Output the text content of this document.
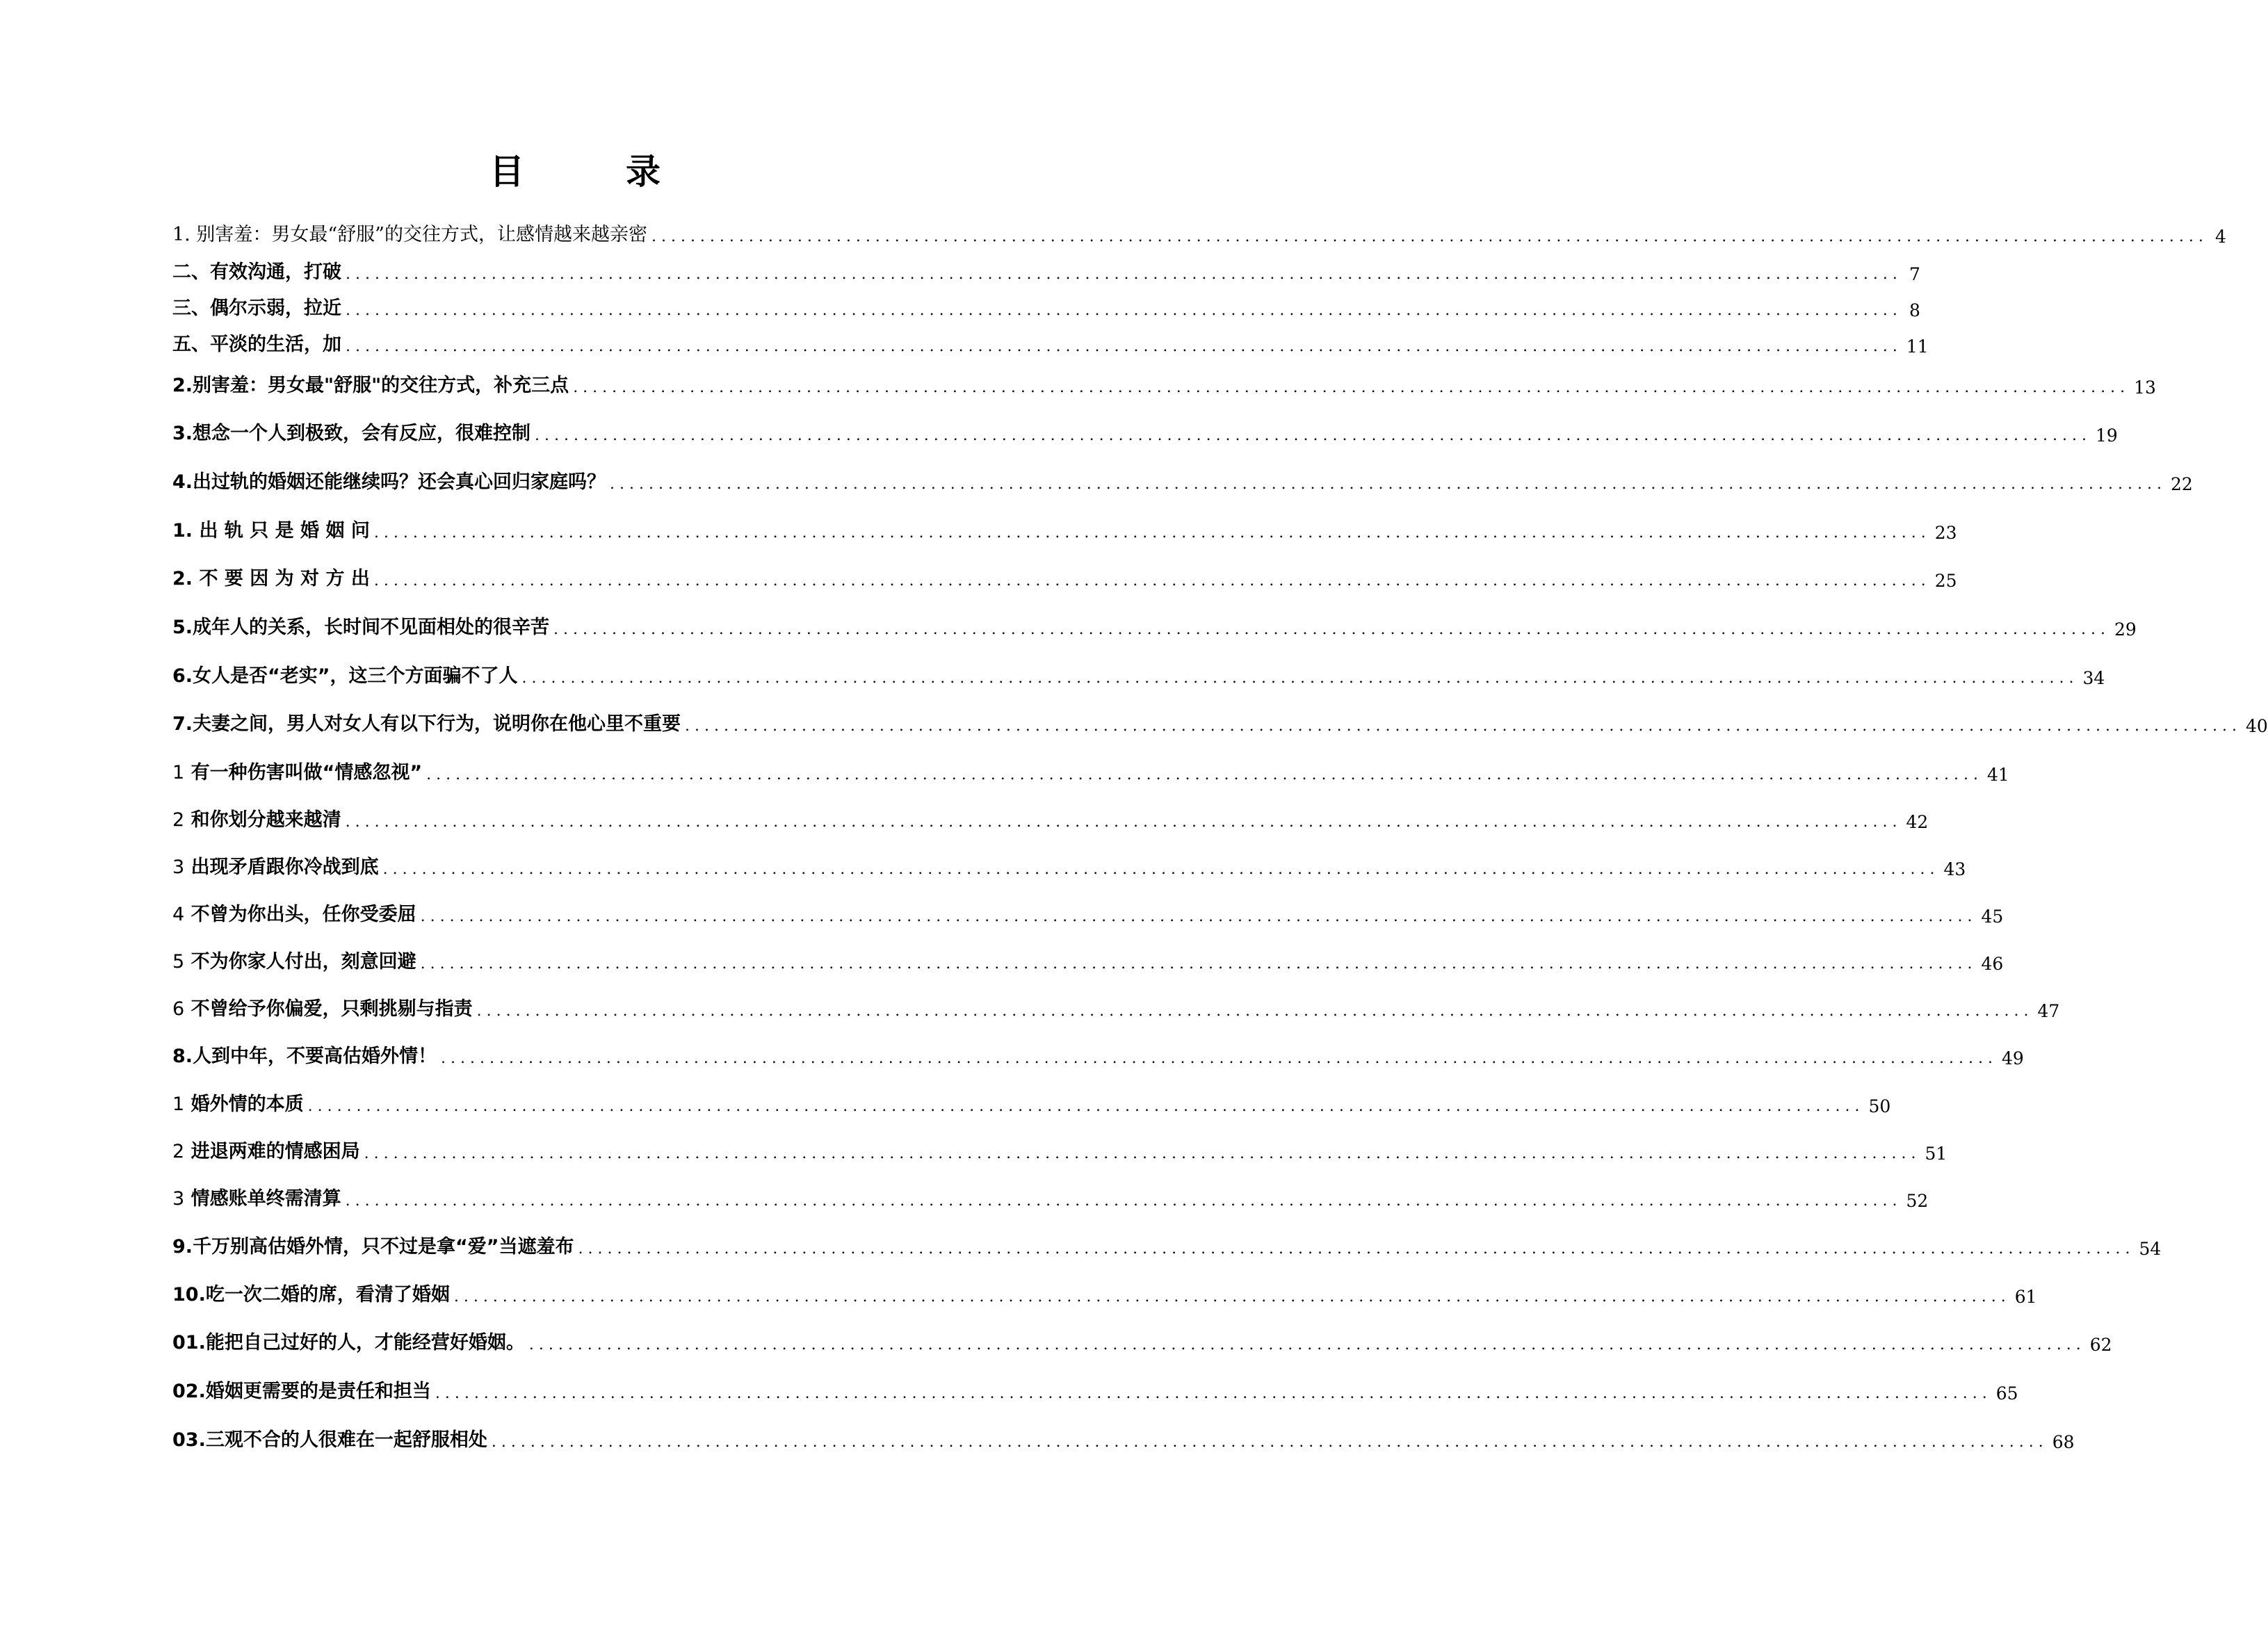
目　录
1. 别害羞：男女最“舒服”的交往方式，让感情越来越亲密 ................................................................................................................................................................ 4
二、有效沟通，打破 ................................................................................................................................................................ 7
三、偶尔示弱，拉近 ................................................................................................................................................................ 8
五、平淡的生活，加 ................................................................................................................................................................ 11
2.别害羞：男女最"舒服"的交往方式，补充三点 ................................................................................................................................................................ 13
3.想念一个人到极致，会有反应，很难控制 ................................................................................................................................................................ 19
4.出过轨的婚姻还能继续吗？还会真心回归家庭吗？ ................................................................................................................................................................ 22
1. 出 轨 只 是 婚 姻 问 ................................................................................................................................................................ 23
2. 不 要 因 为 对 方 出 ................................................................................................................................................................ 25
5.成年人的关系，长时间不见面相处的很辛苦 ................................................................................................................................................................ 29
6.女人是否“老实”，这三个方面骗不了人 ................................................................................................................................................................ 34
7.夫妻之间，男人对女人有以下行为，说明你在他心里不重要 ................................................................................................................................................................ 40
1 有一种伤害叫做“情感忽视” ................................................................................................................................................................ 41
2 和你划分越来越清 ................................................................................................................................................................ 42
3 出现矛盾跟你冷战到底 ................................................................................................................................................................ 43
4 不曾为你出头，任你受委屈 ................................................................................................................................................................ 45
5 不为你家人付出，刻意回避 ................................................................................................................................................................ 46
6 不曾给予你偏爱，只剩挑剔与指责 ................................................................................................................................................................ 47
8.人到中年，不要高估婚外情！ ................................................................................................................................................................ 49
1 婚外情的本质 ................................................................................................................................................................ 50
2 进退两难的情感困局 ................................................................................................................................................................ 51
3 情感账单终需清算 ................................................................................................................................................................ 52
9.千万别高估婚外情，只不过是拿“爱”当遮羞布 ................................................................................................................................................................ 54
10.吃一次二婚的席，看清了婚姻 ................................................................................................................................................................ 61
01.能把自己过好的人，才能经营好婚姻。 ................................................................................................................................................................ 62
02.婚姻更需要的是责任和担当 ................................................................................................................................................................ 65
03.三观不合的人很难在一起舒服相处 ................................................................................................................................................................ 68
